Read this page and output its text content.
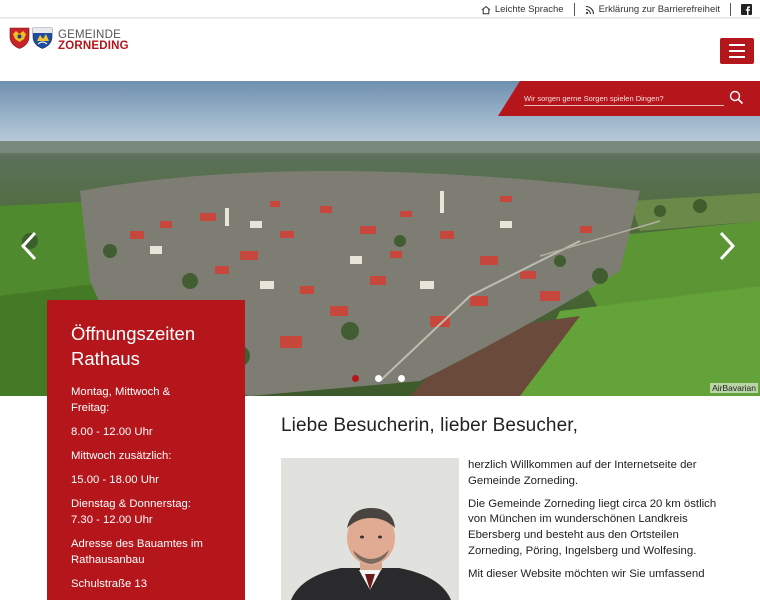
Leichte Sprache	Erklärung zur Barrierefreiheit
GEMEINDE
ZORNEDING
Wir sorgen gerne Sorgen spielen Dingen?
AirBavarian
Öffnungszeiten
Rathaus
Montag, Mittwoch & Freitag:
8.00 - 12.00 Uhr
Mittwoch zusätzlich:
15.00 - 18.00 Uhr
Dienstag & Donnerstag: 7.30 - 12.00 Uhr
Adresse des Bauamtes im Rathausanbau
Schulstraße 13
Liebe Besucherin, lieber Besucher,

herzlich Willkommen auf der Internetseite der Gemeinde Zorneding.

Die Gemeinde Zorneding liegt circa 20 km östlich von München im wunderschönen Landkreis Ebersberg und besteht aus den Ortsteilen Zorneding, Pöring, Ingelsberg und Wolfesing.

Mit dieser Website möchten wir Sie umfassend
